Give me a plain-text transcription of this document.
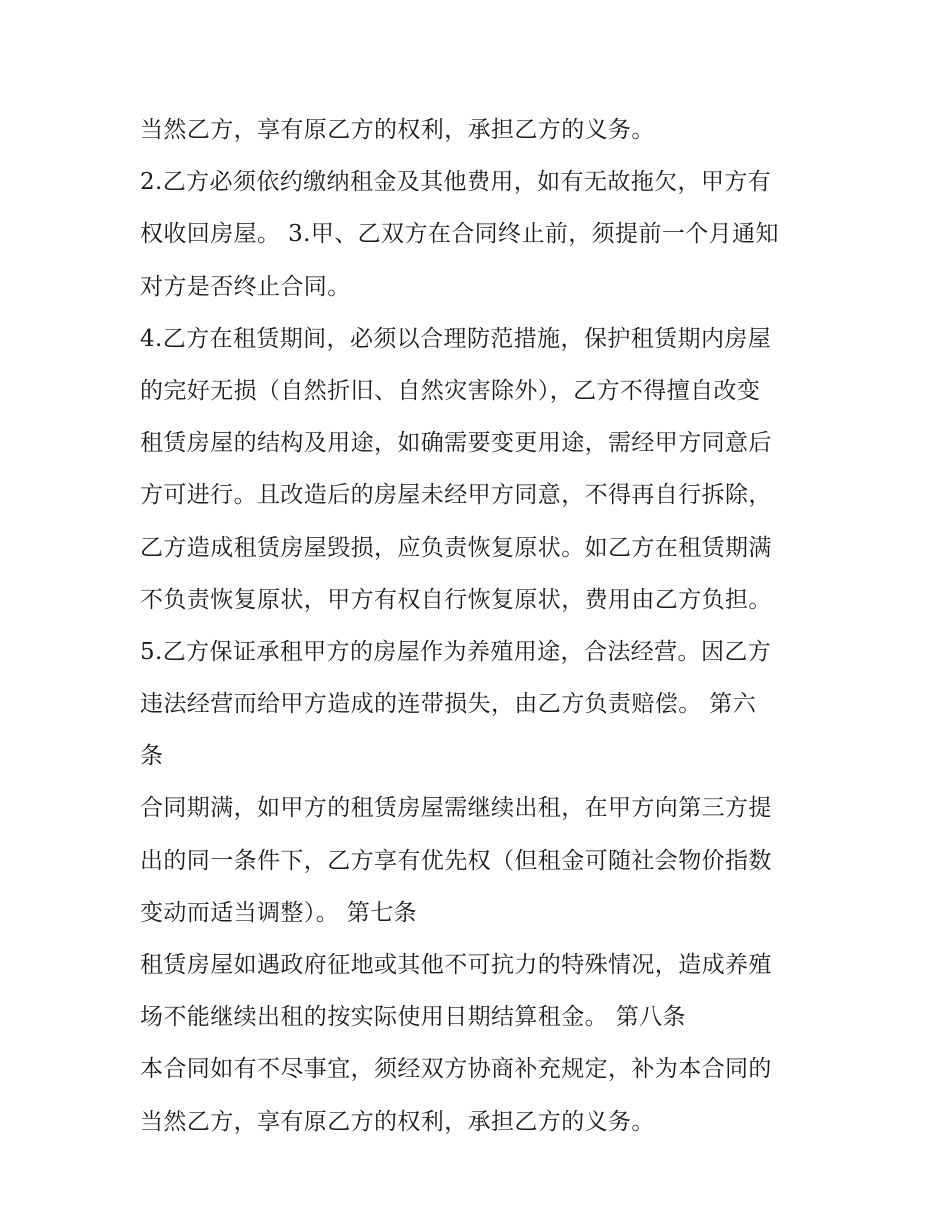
当然乙方，享有原乙方的权利，承担乙方的义务。
2.乙方必须依约缴纳租金及其他费用，如有无故拖欠，甲方有
权收回房屋。 3.甲、乙双方在合同终止前，须提前一个月通知
对方是否终止合同。
4.乙方在租赁期间，必须以合理防范措施，保护租赁期内房屋
的完好无损（自然折旧、自然灾害除外），乙方不得擅自改变
租赁房屋的结构及用途，如确需要变更用途，需经甲方同意后
方可进行。且改造后的房屋未经甲方同意，不得再自行拆除，
乙方造成租赁房屋毁损，应负责恢复原状。如乙方在租赁期满
不负责恢复原状，甲方有权自行恢复原状，费用由乙方负担。
5.乙方保证承租甲方的房屋作为养殖用途，合法经营。因乙方
违法经营而给甲方造成的连带损失，由乙方负责赔偿。 第六
条
合同期满，如甲方的租赁房屋需继续出租，在甲方向第三方提
出的同一条件下，乙方享有优先权（但租金可随社会物价指数
变动而适当调整）。 第七条
租赁房屋如遇政府征地或其他不可抗力的特殊情况，造成养殖
场不能继续出租的按实际使用日期结算租金。 第八条
本合同如有不尽事宜，须经双方协商补充规定，补为本合同的
当然乙方，享有原乙方的权利，承担乙方的义务。
